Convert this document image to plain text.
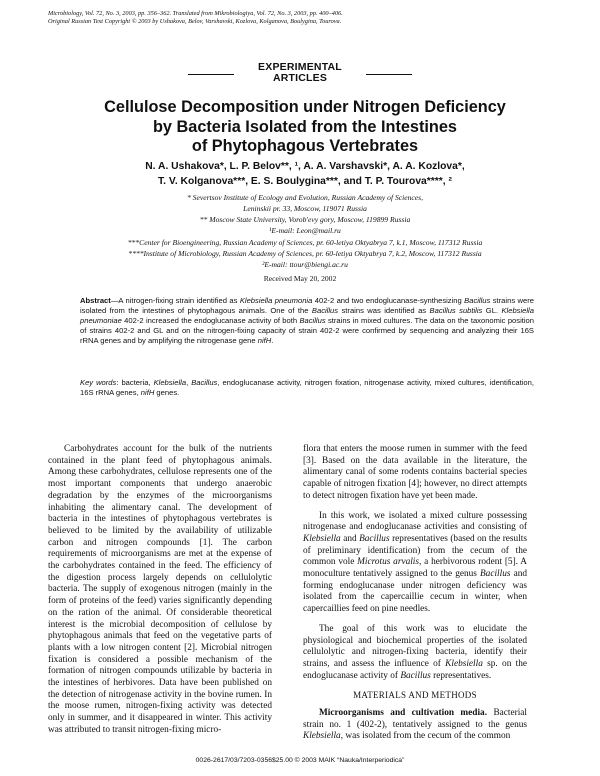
Microbiology, Vol. 72, No. 3, 2003, pp. 356–362. Translated from Mikrobiologiya, Vol. 72, No. 3, 2003, pp. 400–406.
Original Russian Text Copyright © 2003 by Ushakova, Belov, Varshavski, Kozlova, Kolganova, Boulygina, Tourova.
EXPERIMENTAL
ARTICLES
Cellulose Decomposition under Nitrogen Deficiency
by Bacteria Isolated from the Intestines
of Phytophagous Vertebrates
N. A. Ushakova*, L. P. Belov**, ¹, A. A. Varshavski*, A. A. Kozlova*,
T. V. Kolganova***, E. S. Boulygina***, and T. P. Tourova****, ²
* Severtsov Institute of Ecology and Evolution, Russian Academy of Sciences,
Leninskii pr. 33, Moscow, 119071 Russia
** Moscow State University, Vorob'evy gory, Moscow, 119899 Russia
¹E-mail: Leon@mail.ru
***Center for Bioengineering, Russian Academy of Sciences, pr. 60-letiya Oktyabrya 7, k.1, Moscow, 117312 Russia
****Institute of Microbiology, Russian Academy of Sciences, pr. 60-letiya Oktyabrya 7, k.2, Moscow, 117312 Russia
²E-mail: ttour@biengi.ac.ru
Received May 20, 2002
Abstract—A nitrogen-fixing strain identified as Klebsiella pneumonia 402-2 and two endoglucanase-synthesizing Bacillus strains were isolated from the intestines of phytophagous animals. One of the Bacillus strains was identified as Bacillus subtilis GL. Klebsiella pneumoniae 402-2 increased the endoglucanase activity of both Bacillus strains in mixed cultures. The data on the taxonomic position of strains 402-2 and GL and on the nitrogen-fixing capacity of strain 402-2 were confirmed by sequencing and analyzing their 16S rRNA genes and by amplifying the nitrogenase gene nifH.
Key words: bacteria, Klebsiella, Bacillus, endoglucanase activity, nitrogen fixation, nitrogenase activity, mixed cultures, identification, 16S rRNA genes, nifH genes.

Carbohydrates account for the bulk of the nutrients contained in the plant feed of phytophagous animals. Among these carbohydrates, cellulose represents one of the most important components that undergo anaerobic degradation by the enzymes of the microorganisms inhabiting the alimentary canal. The development of bacteria in the intestines of phytophagous vertebrates is believed to be limited by the availability of utilizable carbon and nitrogen compounds [1]. The carbon requirements of microorganisms are met at the expense of the carbohydrates contained in the feed. The efficiency of the digestion process largely depends on cellulolytic bacteria. The supply of exogenous nitrogen (mainly in the form of proteins of the feed) varies significantly depending on the ration of the animal. Of considerable theoretical interest is the microbial decomposition of cellulose by phytophagous animals that feed on the vegetative parts of plants with a low nitrogen content [2]. Microbial nitrogen fixation is considered a possible mechanism of the formation of nitrogen compounds utilizable by bacteria in the intestines of herbivores. Data have been published on the detection of nitrogenase activity in the bovine rumen. In the moose rumen, nitrogen-fixing activity was detected only in summer, and it disappeared in winter. This activity was attributed to transit nitrogen-fixing micro-

flora that enters the moose rumen in summer with the feed [3]. Based on the data available in the literature, the alimentary canal of some rodents contains bacterial species capable of nitrogen fixation [4]; however, no direct attempts to detect nitrogen fixation have yet been made.

In this work, we isolated a mixed culture possessing nitrogenase and endoglucanase activities and consisting of Klebsiella and Bacillus representatives (based on the results of preliminary identification) from the cecum of the common vole Microtus arvalis, a herbivorous rodent [5]. A monoculture tentatively assigned to the genus Bacillus and forming endoglucanase under nitrogen deficiency was isolated from the capercaillie cecum in winter, when capercaillies feed on pine needles.

The goal of this work was to elucidate the physiological and biochemical properties of the isolated cellulolytic and nitrogen-fixing bacteria, identify their strains, and assess the influence of Klebsiella sp. on the endoglucanase activity of Bacillus representatives.

MATERIALS AND METHODS

Microorganisms and cultivation media. Bacterial strain no. 1 (402-2), tentatively assigned to the genus Klebsiella, was isolated from the cecum of the common

0026-2617/03/7203-0356$25.00 © 2003 MAIK “Nauka/Interperiodica”
